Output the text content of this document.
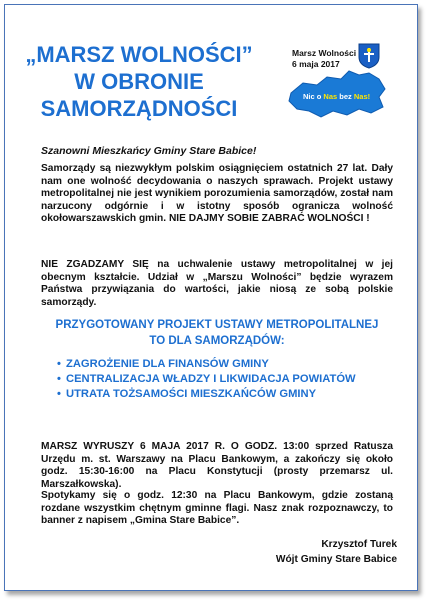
„MARSZ WOLNOŚCI”
W OBRONIE
SAMORZĄDNOŚCI
Marsz Wolności
6 maja 2017
Nic o Nas bez Nas!
Szanowni Mieszkańcy Gminy Stare Babice!
Samorządy są niezwykłym polskim osiągnięciem ostatnich 27 lat. Dały nam one wolność decydowania o naszych sprawach. Projekt ustawy metropolitalnej nie jest wynikiem porozumienia samorządów, został nam narzucony odgórnie i w istotny sposób ogranicza wolność okołowarszawskich gmin. NIE DAJMY SOBIE ZABRAĆ WOLNOŚCI !
NIE ZGADZAMY SIĘ na uchwalenie ustawy metropolitalnej w jej obecnym kształcie. Udział w „Marszu Wolności” będzie wyrazem Państwa przywiązania do wartości, jakie niosą ze sobą polskie samorządy.
PRZYGOTOWANY PROJEKT USTAWY METROPOLITALNEJ
TO DLA SAMORZĄDÓW:
• ZAGROŻENIE DLA FINANSÓW GMINY
• CENTRALIZACJA WŁADZY I LIKWIDACJA POWIATÓW
• UTRATA TOŻSAMOŚCI MIESZKAŃCÓW GMINY
MARSZ WYRUSZY 6 MAJA 2017 R. O GODZ. 13:00 sprzed Ratusza Urzędu m. st. Warszawy na Placu Bankowym, a zakończy się około godz. 15:30-16:00 na Placu Konstytucji (prosty przemarsz ul. Marszałkowska).
Spotykamy się o godz. 12:30 na Placu Bankowym, gdzie zostaną rozdane wszystkim chętnym gminne flagi. Nasz znak rozpoznawczy, to banner z napisem „Gmina Stare Babice”.
Krzysztof Turek
Wójt Gminy Stare Babice
